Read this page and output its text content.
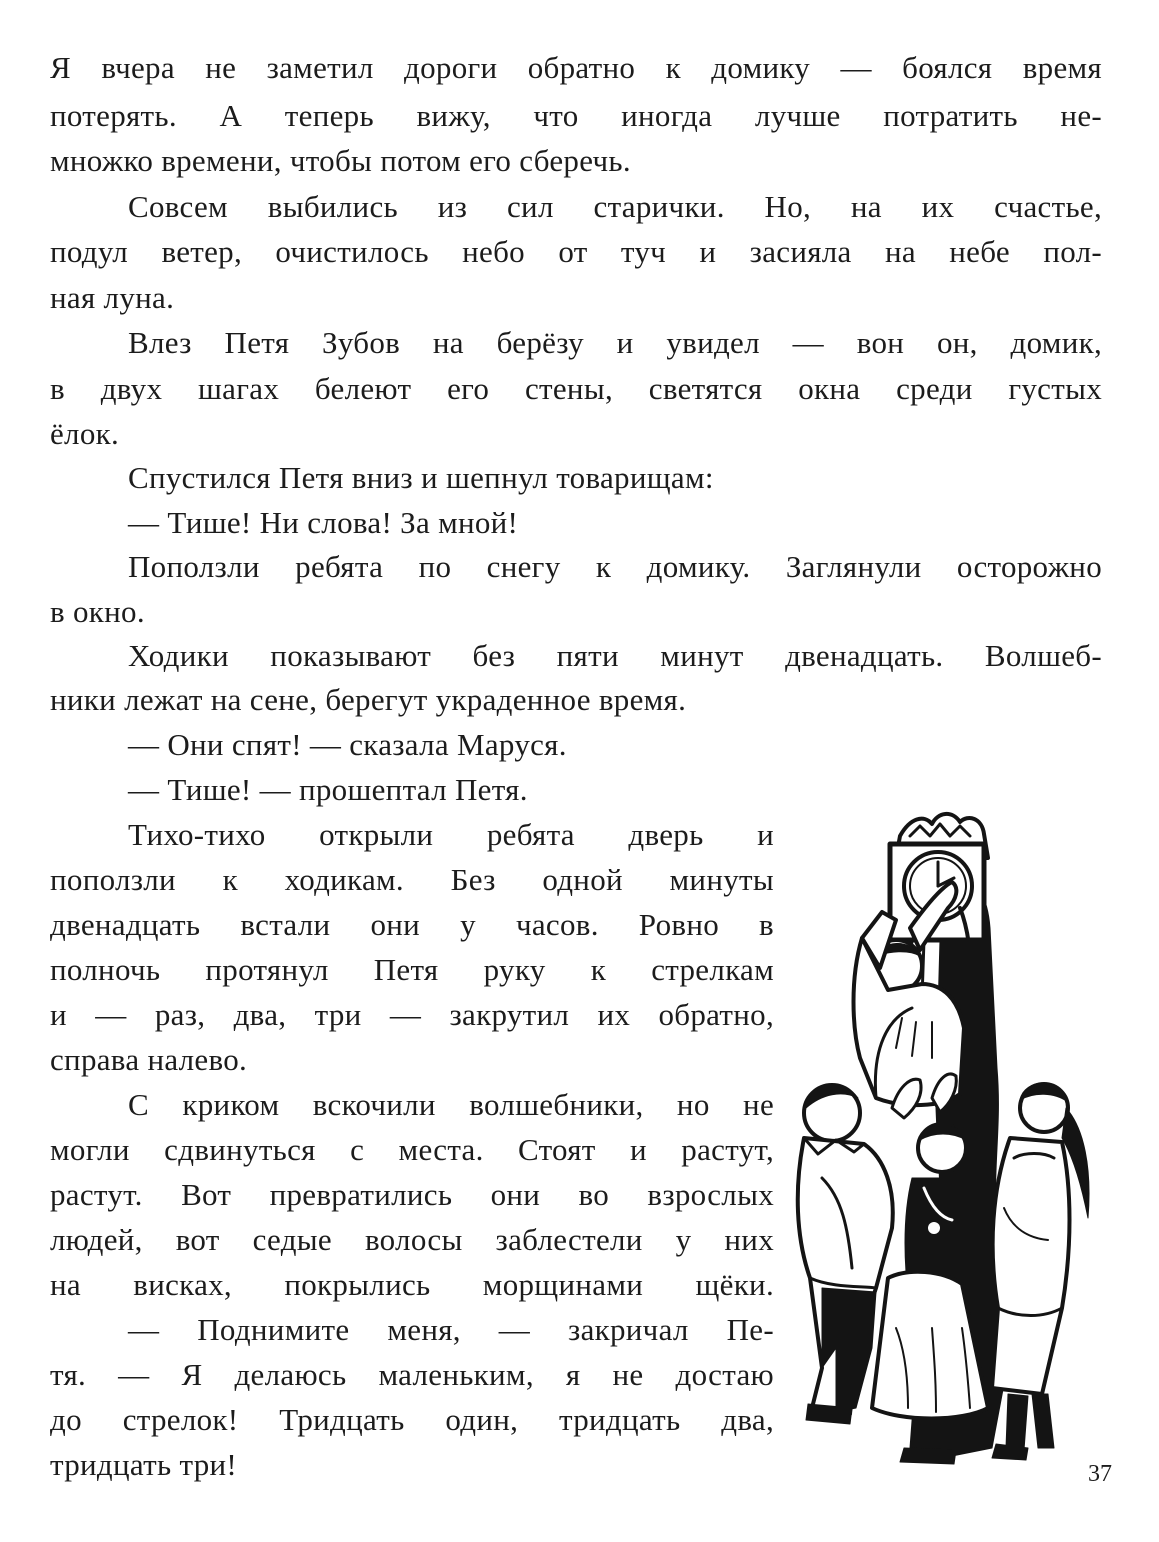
Я вчера не заметил дороги обратно к домику — боялся время
потерять. А теперь вижу, что иногда лучше потратить не-
множко времени, чтобы потом его сберечь.
Совсем выбились из сил старички. Но, на их счастье,
подул ветер, очистилось небо от туч и засияла на небе пол-
ная луна.
Влез Петя Зубов на берёзу и увидел — вон он, домик,
в двух шагах белеют его стены, светятся окна среди густых
ёлок.
Спустился Петя вниз и шепнул товарищам:
— Тише! Ни слова! За мной!
Поползли ребята по снегу к домику. Заглянули осторожно
в окно.
Ходики показывают без пяти минут двенадцать. Волшеб-
ники лежат на сене, берегут украденное время.
— Они спят! — сказала Маруся.
— Тише! — прошептал Петя.
Тихо-тихо открыли ребята дверь и
поползли к ходикам. Без одной минуты
двенадцать встали они у часов. Ровно в
полночь протянул Петя руку к стрелкам
и — раз, два, три — закрутил их обратно,
справа налево.
С криком вскочили волшебники, но не
могли сдвинуться с места. Стоят и растут,
растут. Вот превратились они во взрослых
людей, вот седые волосы заблестели у них
на висках, покрылись морщинами щёки.
— Поднимите меня, — закричал Пе-
тя. — Я делаюсь маленьким, я не достаю
до стрелок! Тридцать один, тридцать два,
тридцать три!	37
